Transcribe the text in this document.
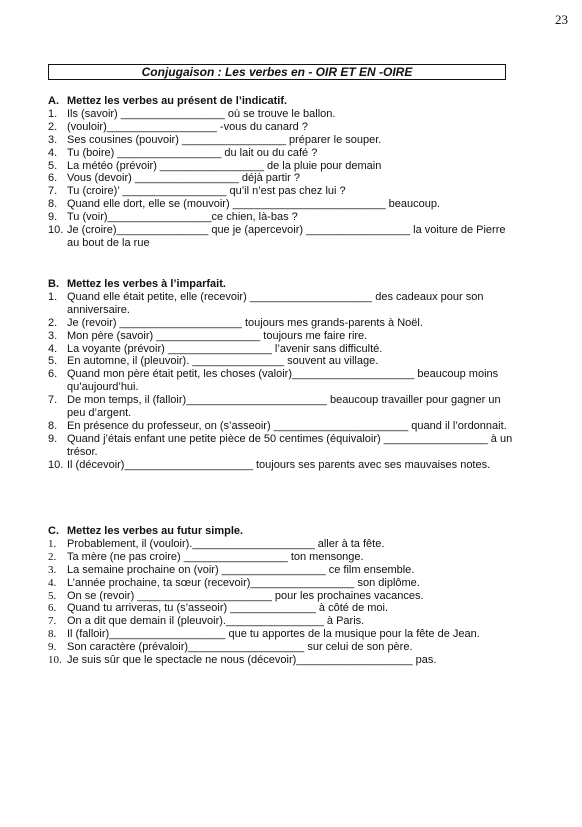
23
Conjugaison : Les verbes en - OIR ET EN -OIRE
A. Mettez les verbes au présent de l’indicatif.
1. Ils (savoir) _________________ où se trouve le ballon.
2. (vouloir)__________________ -vous du canard ?
3. Ses cousines (pouvoir) _________________ préparer le souper.
4. Tu (boire) _________________ du lait ou du café ?
5. La météo (prévoir) _________________ de la pluie pour demain
6. Vous (devoir) _________________ déjà partir ?
7. Tu (croire)’ _________________ qu’il n’est pas chez lui ?
8. Quand elle dort, elle se (mouvoir) _________________________ beaucoup.
9. Tu (voir)_________________ce chien, là-bas ?
10. Je (croire)_______________ que je (apercevoir) _________________ la voiture de Pierre au bout de la rue
B. Mettez les verbes à l’imparfait.
1. Quand elle était petite, elle (recevoir) ____________________ des cadeaux pour son anniversaire.
2. Je (revoir) ____________________ toujours mes grands-parents à Noël.
3. Mon père (savoir) _________________ toujours me faire rire.
4. La voyante (prévoir) _________________ l’avenir sans difficulté.
5. En automne, il (pleuvoir). _______________ souvent au village.
6. Quand mon père était petit, les choses (valoir)____________________ beaucoup moins qu’aujourd’hui.
7. De mon temps, il (falloir)_______________________ beaucoup travailler pour gagner un peu d’argent.
8. En présence du professeur, on (s’asseoir) ______________________ quand il l’ordonnait.
9. Quand j’étais enfant une petite pièce de 50 centimes (équivaloir) _________________ à un trésor.
10. Il (décevoir)_____________________ toujours ses parents avec ses mauvaises notes.
C. Mettez les verbes au futur simple.
1. Probablement, il (vouloir).____________________ aller à ta fête.
2. Ta mère (ne pas croire) _________________ ton mensonge.
3. La semaine prochaine on (voir) _________________ ce film ensemble.
4. L’année prochaine, ta sœur (recevoir)_________________ son diplôme.
5. On se (revoir) ______________________ pour les prochaines vacances.
6. Quand tu arriveras, tu (s’asseoir) ______________ à côté de moi.
7. On a dit que demain il (pleuvoir).________________ à Paris.
8. Il (falloir)___________________ que tu apportes de la musique pour la fête de Jean.
9. Son caractère (prévaloir)___________________ sur celui de son père.
10. Je suis sûr que le spectacle ne nous (décevoir)___________________ pas.
